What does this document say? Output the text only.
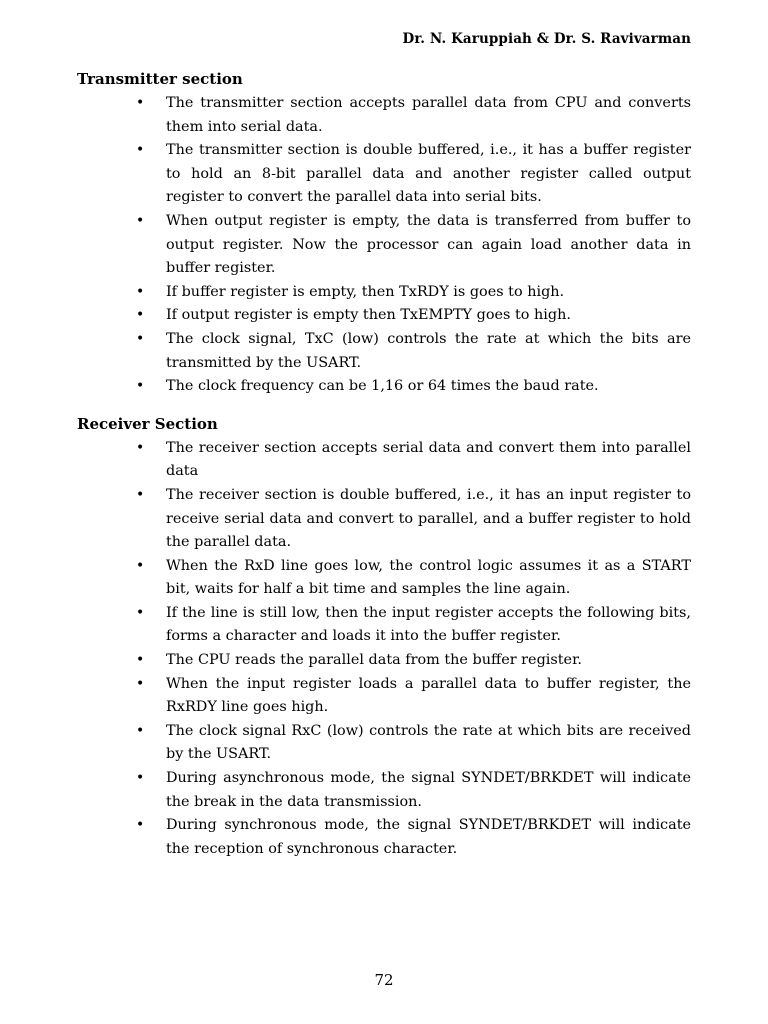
Dr. N. Karuppiah & Dr. S. Ravivarman
Transmitter section
• The transmitter section accepts parallel data from CPU and converts them into serial data.
• The transmitter section is double buffered, i.e., it has a buffer register to hold an 8-bit parallel data and another register called output register to convert the parallel data into serial bits.
• When output register is empty, the data is transferred from buffer to output register. Now the processor can again load another data in buffer register.
• If buffer register is empty, then TxRDY is goes to high.
• If output register is empty then TxEMPTY goes to high.
• The clock signal, TxC (low) controls the rate at which the bits are transmitted by the USART.
• The clock frequency can be 1,16 or 64 times the baud rate.
Receiver Section
• The receiver section accepts serial data and convert them into parallel data
• The receiver section is double buffered, i.e., it has an input register to receive serial data and convert to parallel, and a buffer register to hold the parallel data.
• When the RxD line goes low, the control logic assumes it as a START bit, waits for half a bit time and samples the line again.
• If the line is still low, then the input register accepts the following bits, forms a character and loads it into the buffer register.
• The CPU reads the parallel data from the buffer register.
• When the input register loads a parallel data to buffer register, the RxRDY line goes high.
• The clock signal RxC (low) controls the rate at which bits are received by the USART.
• During asynchronous mode, the signal SYNDET/BRKDET will indicate the break in the data transmission.
• During synchronous mode, the signal SYNDET/BRKDET will indicate the reception of synchronous character.
72
